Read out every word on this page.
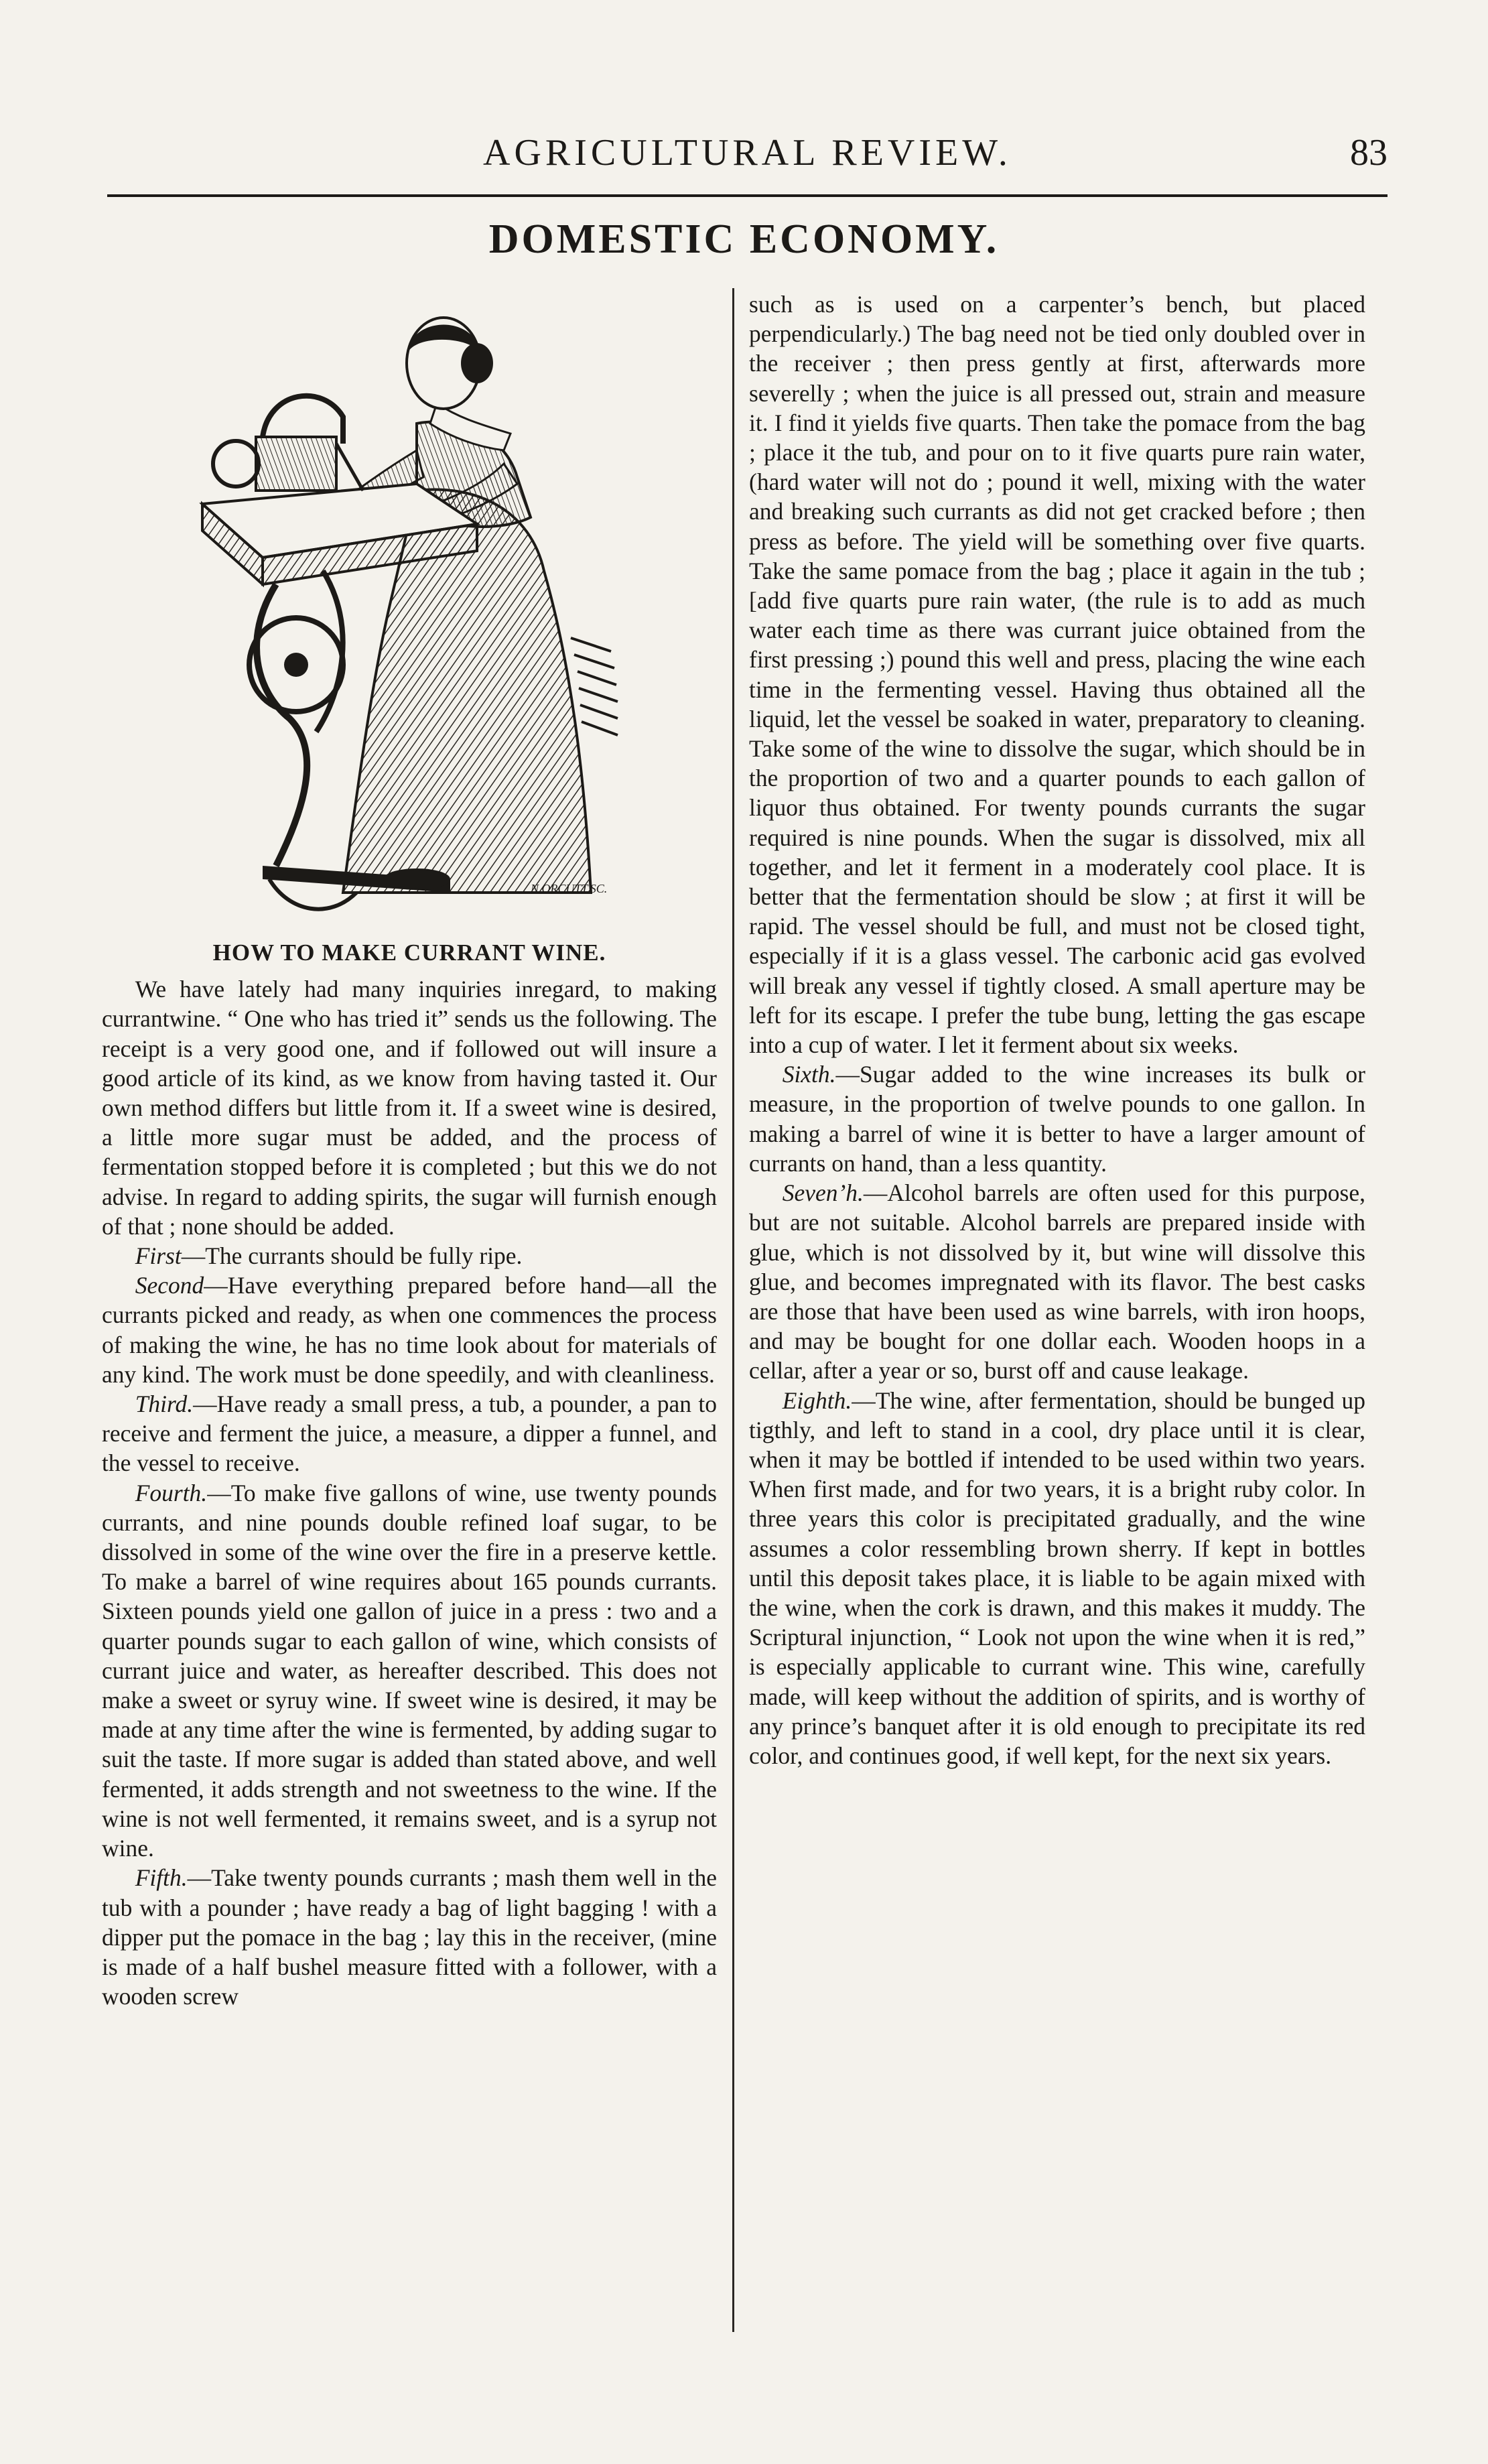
AGRICULTURAL REVIEW.	83
DOMESTIC ECONOMY.
N.ORCUTT.SC.
HOW TO MAKE CURRANT WINE.

We have lately had many inquiries inregard, to making currantwine. “ One who has tried it” sends us the following. The receipt is a very good one, and if followed out will insure a good article of its kind, as we know from having tasted it. Our own method differs but little from it. If a sweet wine is desired, a little more sugar must be added, and the process of fermentation stopped before it is completed ; but this we do not advise. In regard to adding spirits, the sugar will furnish enough of that ; none should be added.

First—The currants should be fully ripe.

Second—Have everything prepared before hand—all the currants picked and ready, as when one commences the process of making the wine, he has no time look about for materials of any kind. The work must be done speedily, and with cleanliness.

Third.—Have ready a small press, a tub, a pounder, a pan to receive and ferment the juice, a measure, a dipper a funnel, and the vessel to receive.

Fourth.—To make five gallons of wine, use twenty pounds currants, and nine pounds double refined loaf sugar, to be dissolved in some of the wine over the fire in a preserve kettle. To make a barrel of wine requires about 165 pounds currants. Sixteen pounds yield one gallon of juice in a press : two and a quarter pounds sugar to each gallon of wine, which consists of currant juice and water, as hereafter described. This does not make a sweet or syruy wine. If sweet wine is desired, it may be made at any time after the wine is fermented, by adding sugar to suit the taste. If more sugar is added than stated above, and well fermented, it adds strength and not sweetness to the wine. If the wine is not well fermented, it remains sweet, and is a syrup not wine.

Fifth.—Take twenty pounds currants ; mash them well in the tub with a pounder ; have ready a bag of light bagging ! with a dipper put the pomace in the bag ; lay this in the receiver, (mine is made of a half bushel measure fitted with a follower, with a wooden screw

such as is used on a carpenter’s bench, but placed perpendicularly.) The bag need not be tied only doubled over in the receiver ; then press gently at first, afterwards more severelly ; when the juice is all pressed out, strain and measure it. I find it yields five quarts. Then take the pomace from the bag ; place it the tub, and pour on to it five quarts pure rain water, (hard water will not do ; pound it well, mixing with the water and breaking such currants as did not get cracked before ; then press as before. The yield will be something over five quarts. Take the same pomace from the bag ; place it again in the tub ; [add five quarts pure rain water, (the rule is to add as much water each time as there was currant juice obtained from the first pressing ;) pound this well and press, placing the wine each time in the fermenting vessel. Having thus obtained all the liquid, let the vessel be soaked in water, preparatory to cleaning. Take some of the wine to dissolve the sugar, which should be in the proportion of two and a quarter pounds to each gallon of liquor thus obtained. For twenty pounds currants the sugar required is nine pounds. When the sugar is dissolved, mix all together, and let it ferment in a moderately cool place. It is better that the fermentation should be slow ; at first it will be rapid. The vessel should be full, and must not be closed tight, especially if it is a glass vessel. The carbonic acid gas evolved will break any vessel if tightly closed. A small aperture may be left for its escape. I prefer the tube bung, letting the gas escape into a cup of water. I let it ferment about six weeks.

Sixth.—Sugar added to the wine increases its bulk or measure, in the proportion of twelve pounds to one gallon. In making a barrel of wine it is better to have a larger amount of currants on hand, than a less quantity.

Seven’h.—Alcohol barrels are often used for this purpose, but are not suitable. Alcohol barrels are prepared inside with glue, which is not dissolved by it, but wine will dissolve this glue, and becomes impregnated with its flavor. The best casks are those that have been used as wine barrels, with iron hoops, and may be bought for one dollar each. Wooden hoops in a cellar, after a year or so, burst off and cause leakage.

Eighth.—The wine, after fermentation, should be bunged up tigthly, and left to stand in a cool, dry place until it is clear, when it may be bottled if intended to be used within two years. When first made, and for two years, it is a bright ruby color. In three years this color is precipitated gradually, and the wine assumes a color ressembling brown sherry. If kept in bottles until this deposit takes place, it is liable to be again mixed with the wine, when the cork is drawn, and this makes it muddy. The Scriptural injunction, “ Look not upon the wine when it is red,” is especially applicable to currant wine. This wine, carefully made, will keep without the addition of spirits, and is worthy of any prince’s banquet after it is old enough to precipitate its red color, and continues good, if well kept, for the next six years.
